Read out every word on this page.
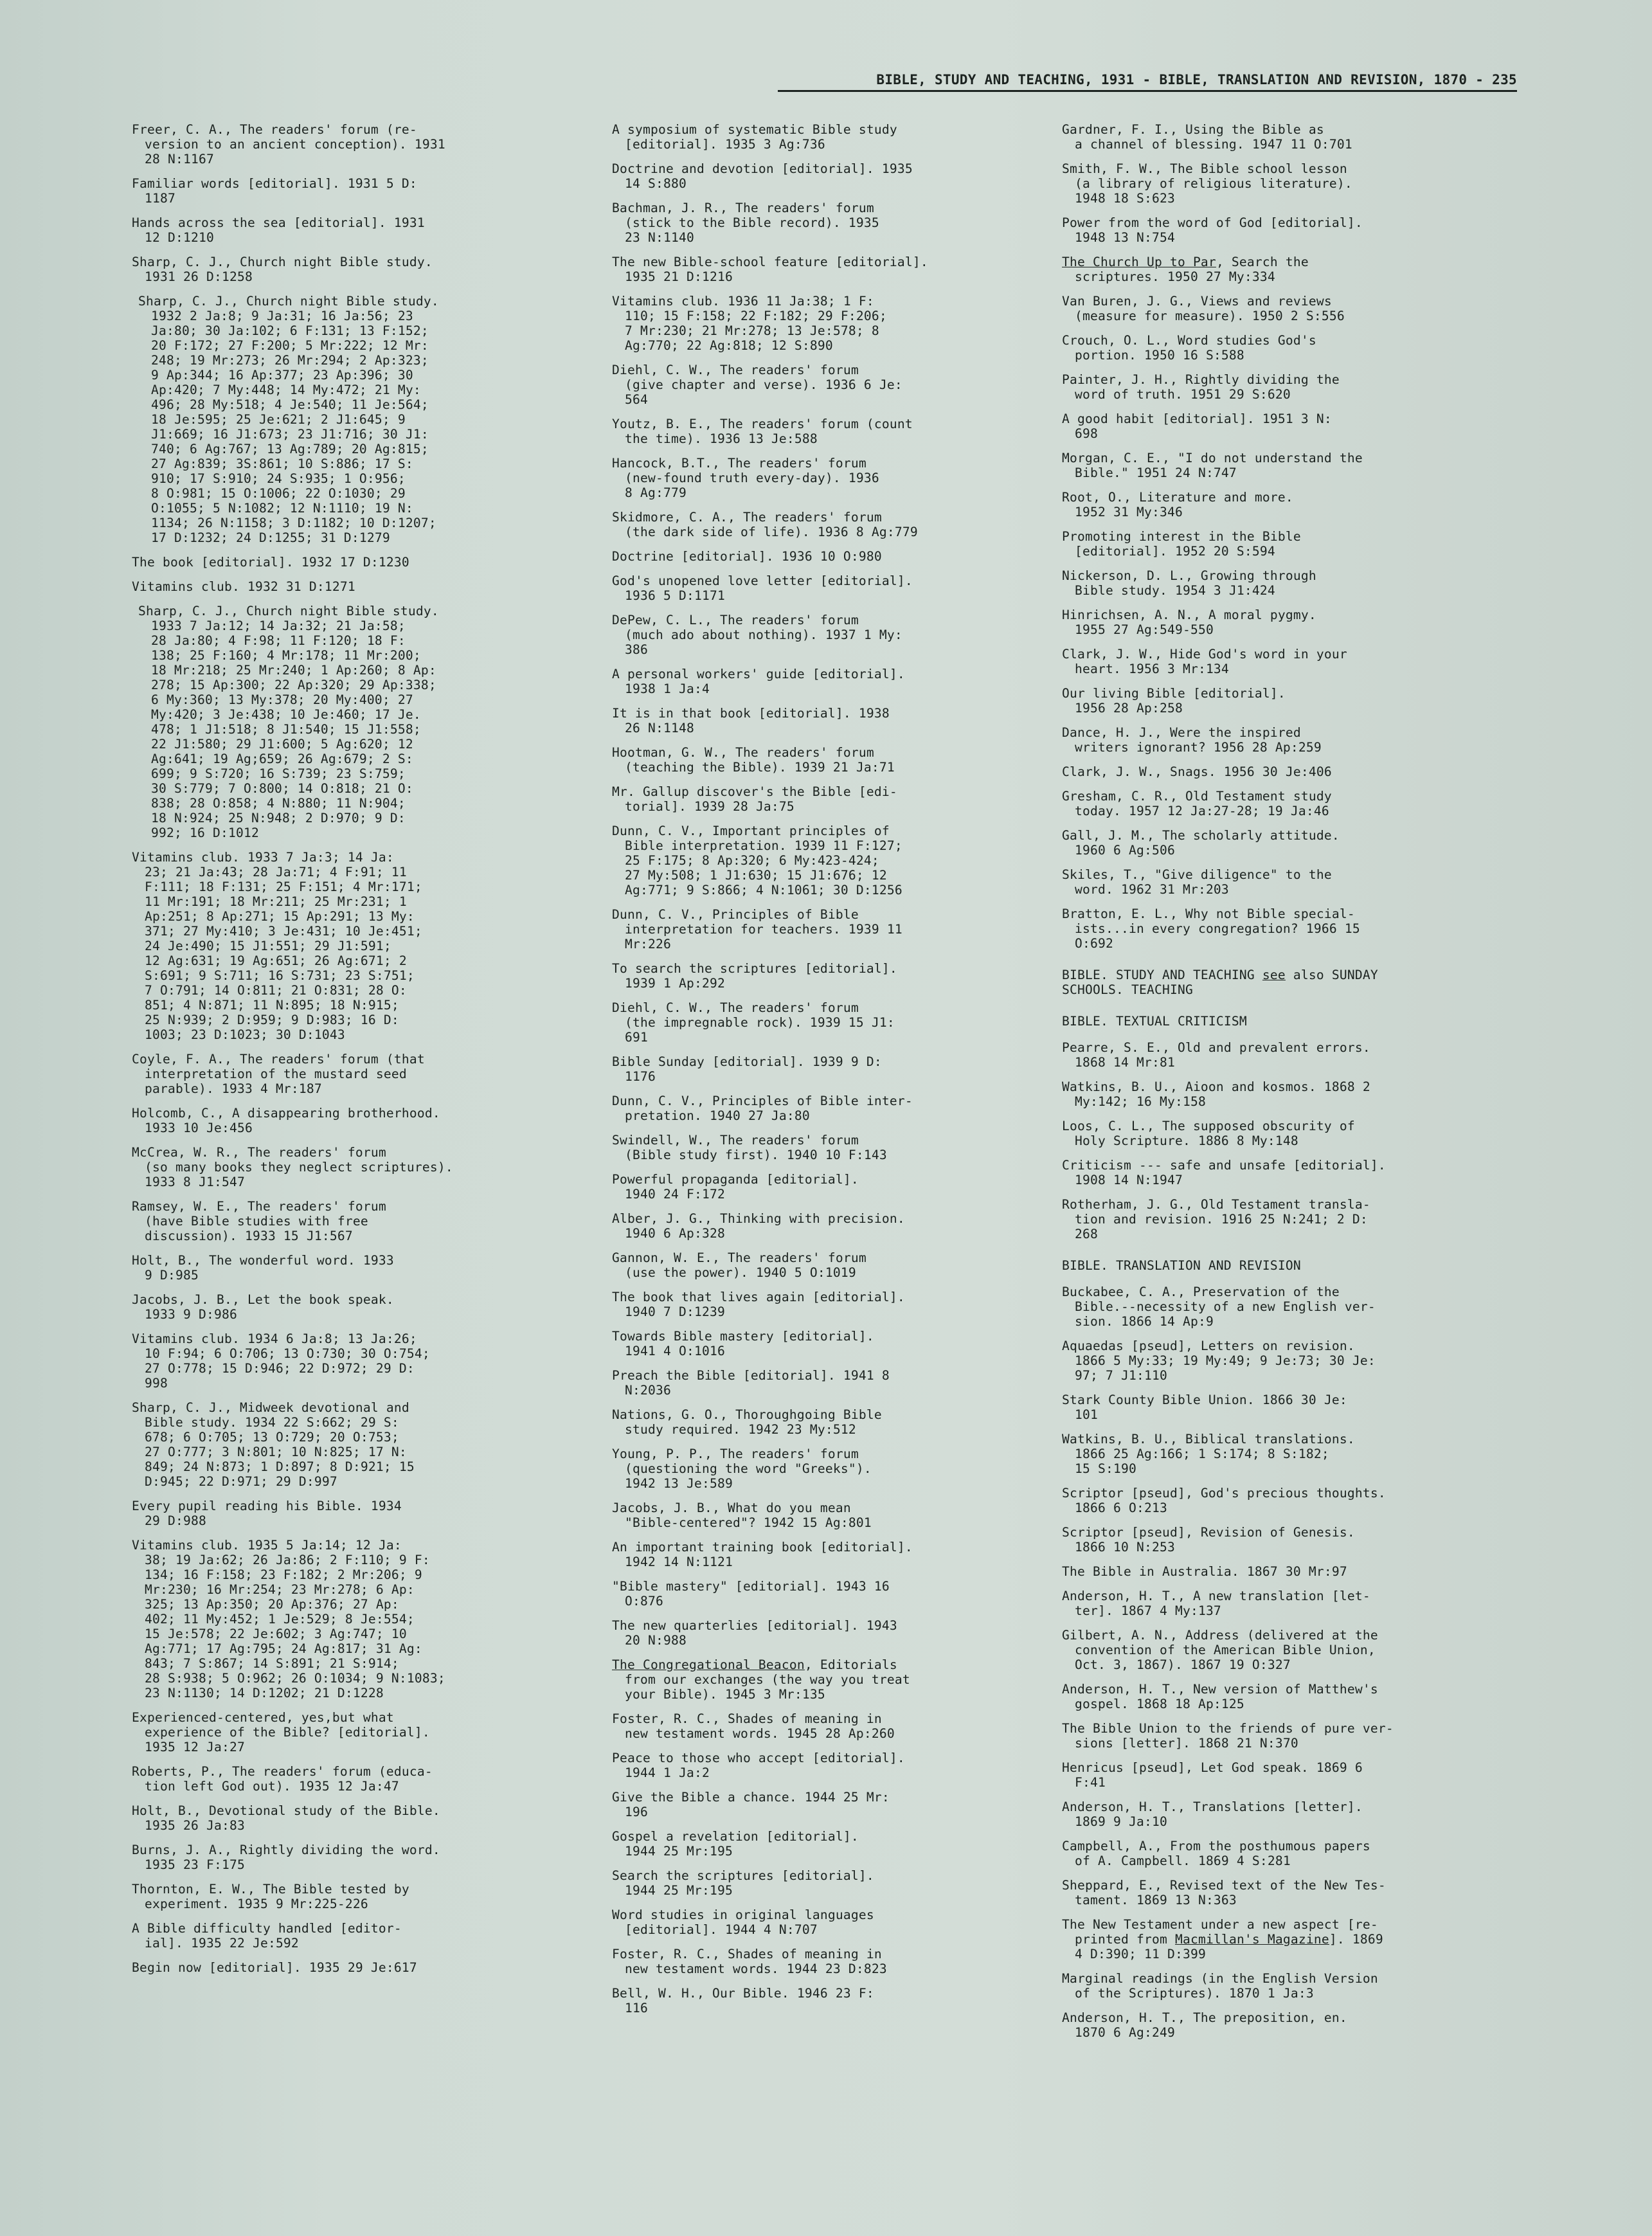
BIBLE, STUDY AND TEACHING, 1931 - BIBLE, TRANSLATION AND REVISION, 1870 - 235
Freer, C. A., The readers' forum (re-
version to an ancient conception). 1931
28 N:1167
Familiar words [editorial]. 1931 5 D:
1187
Hands across the sea [editorial]. 1931
12 D:1210
Sharp, C. J., Church night Bible study.
1931 26 D:1258
Sharp, C. J., Church night Bible study.
1932 2 Ja:8; 9 Ja:31; 16 Ja:56; 23
Ja:80; 30 Ja:102; 6 F:131; 13 F:152;
20 F:172; 27 F:200; 5 Mr:222; 12 Mr:
248; 19 Mr:273; 26 Mr:294; 2 Ap:323;
9 Ap:344; 16 Ap:377; 23 Ap:396; 30
Ap:420; 7 My:448; 14 My:472; 21 My:
496; 28 My:518; 4 Je:540; 11 Je:564;
18 Je:595; 25 Je:621; 2 J1:645; 9
J1:669; 16 J1:673; 23 J1:716; 30 J1:
740; 6 Ag:767; 13 Ag:789; 20 Ag:815;
27 Ag:839; 3S:861; 10 S:886; 17 S:
910; 17 S:910; 24 S:935; 1 O:956;
8 O:981; 15 O:1006; 22 O:1030; 29
O:1055; 5 N:1082; 12 N:1110; 19 N:
1134; 26 N:1158; 3 D:1182; 10 D:1207;
17 D:1232; 24 D:1255; 31 D:1279
The book [editorial]. 1932 17 D:1230
Vitamins club. 1932 31 D:1271
Sharp, C. J., Church night Bible study.
1933 7 Ja:12; 14 Ja:32; 21 Ja:58;
28 Ja:80; 4 F:98; 11 F:120; 18 F:
138; 25 F:160; 4 Mr:178; 11 Mr:200;
18 Mr:218; 25 Mr:240; 1 Ap:260; 8 Ap:
278; 15 Ap:300; 22 Ap:320; 29 Ap:338;
6 My:360; 13 My:378; 20 My:400; 27
My:420; 3 Je:438; 10 Je:460; 17 Je.
478; 1 J1:518; 8 J1:540; 15 J1:558;
22 J1:580; 29 J1:600; 5 Ag:620; 12
Ag:641; 19 Ag;659; 26 Ag:679; 2 S:
699; 9 S:720; 16 S:739; 23 S:759;
30 S:779; 7 O:800; 14 O:818; 21 O:
838; 28 O:858; 4 N:880; 11 N:904;
18 N:924; 25 N:948; 2 D:970; 9 D:
992; 16 D:1012
Vitamins club. 1933 7 Ja:3; 14 Ja:
23; 21 Ja:43; 28 Ja:71; 4 F:91; 11
F:111; 18 F:131; 25 F:151; 4 Mr:171;
11 Mr:191; 18 Mr:211; 25 Mr:231; 1
Ap:251; 8 Ap:271; 15 Ap:291; 13 My:
371; 27 My:410; 3 Je:431; 10 Je:451;
24 Je:490; 15 J1:551; 29 J1:591;
12 Ag:631; 19 Ag:651; 26 Ag:671; 2
S:691; 9 S:711; 16 S:731; 23 S:751;
7 O:791; 14 O:811; 21 O:831; 28 O:
851; 4 N:871; 11 N:895; 18 N:915;
25 N:939; 2 D:959; 9 D:983; 16 D:
1003; 23 D:1023; 30 D:1043
Coyle, F. A., The readers' forum (that
interpretation of the mustard seed
parable). 1933 4 Mr:187
Holcomb, C., A disappearing brotherhood.
1933 10 Je:456
McCrea, W. R., The readers' forum
(so many books they neglect scriptures).
1933 8 J1:547
Ramsey, W. E., The readers' forum
(have Bible studies with free
discussion). 1933 15 J1:567
Holt, B., The wonderful word. 1933
9 D:985
Jacobs, J. B., Let the book speak.
1933 9 D:986
Vitamins club. 1934 6 Ja:8; 13 Ja:26;
10 F:94; 6 O:706; 13 O:730; 30 O:754;
27 O:778; 15 D:946; 22 D:972; 29 D:
998
Sharp, C. J., Midweek devotional and
Bible study. 1934 22 S:662; 29 S:
678; 6 O:705; 13 O:729; 20 O:753;
27 O:777; 3 N:801; 10 N:825; 17 N:
849; 24 N:873; 1 D:897; 8 D:921; 15
D:945; 22 D:971; 29 D:997
Every pupil reading his Bible. 1934
29 D:988
Vitamins club. 1935 5 Ja:14; 12 Ja:
38; 19 Ja:62; 26 Ja:86; 2 F:110; 9 F:
134; 16 F:158; 23 F:182; 2 Mr:206; 9
Mr:230; 16 Mr:254; 23 Mr:278; 6 Ap:
325; 13 Ap:350; 20 Ap:376; 27 Ap:
402; 11 My:452; 1 Je:529; 8 Je:554;
15 Je:578; 22 Je:602; 3 Ag:747; 10
Ag:771; 17 Ag:795; 24 Ag:817; 31 Ag:
843; 7 S:867; 14 S:891; 21 S:914;
28 S:938; 5 O:962; 26 O:1034; 9 N:1083;
23 N:1130; 14 D:1202; 21 D:1228
Experienced-centered, yes,but what
experience of the Bible? [editorial].
1935 12 Ja:27
Roberts, P., The readers' forum (educa-
tion left God out). 1935 12 Ja:47
Holt, B., Devotional study of the Bible.
1935 26 Ja:83
Burns, J. A., Rightly dividing the word.
1935 23 F:175
Thornton, E. W., The Bible tested by
experiment. 1935 9 Mr:225-226
A Bible difficulty handled [editor-
ial]. 1935 22 Je:592
Begin now [editorial]. 1935 29 Je:617
A symposium of systematic Bible study
[editorial]. 1935 3 Ag:736
Doctrine and devotion [editorial]. 1935
14 S:880
Bachman, J. R., The readers' forum
(stick to the Bible record). 1935
23 N:1140
The new Bible-school feature [editorial].
1935 21 D:1216
Vitamins club. 1936 11 Ja:38; 1 F:
110; 15 F:158; 22 F:182; 29 F:206;
7 Mr:230; 21 Mr:278; 13 Je:578; 8
Ag:770; 22 Ag:818; 12 S:890
Diehl, C. W., The readers' forum
(give chapter and verse). 1936 6 Je:
564
Youtz, B. E., The readers' forum (count
the time). 1936 13 Je:588
Hancock, B.T., The readers' forum
(new-found truth every-day). 1936
8 Ag:779
Skidmore, C. A., The readers' forum
(the dark side of life). 1936 8 Ag:779
Doctrine [editorial]. 1936 10 O:980
God's unopened love letter [editorial].
1936 5 D:1171
DePew, C. L., The readers' forum
(much ado about nothing). 1937 1 My:
386
A personal workers' guide [editorial].
1938 1 Ja:4
It is in that book [editorial]. 1938
26 N:1148
Hootman, G. W., The readers' forum
(teaching the Bible). 1939 21 Ja:71
Mr. Gallup discover's the Bible [edi-
torial]. 1939 28 Ja:75
Dunn, C. V., Important principles of
Bible interpretation. 1939 11 F:127;
25 F:175; 8 Ap:320; 6 My:423-424;
27 My:508; 1 J1:630; 15 J1:676; 12
Ag:771; 9 S:866; 4 N:1061; 30 D:1256
Dunn, C. V., Principles of Bible
interpretation for teachers. 1939 11
Mr:226
To search the scriptures [editorial].
1939 1 Ap:292
Diehl, C. W., The readers' forum
(the impregnable rock). 1939 15 J1:
691
Bible Sunday [editorial]. 1939 9 D:
1176
Dunn, C. V., Principles of Bible inter-
pretation. 1940 27 Ja:80
Swindell, W., The readers' forum
(Bible study first). 1940 10 F:143
Powerful propaganda [editorial].
1940 24 F:172
Alber, J. G., Thinking with precision.
1940 6 Ap:328
Gannon, W. E., The readers' forum
(use the power). 1940 5 O:1019
The book that lives again [editorial].
1940 7 D:1239
Towards Bible mastery [editorial].
1941 4 O:1016
Preach the Bible [editorial]. 1941 8
N:2036
Nations, G. O., Thoroughgoing Bible
study required. 1942 23 My:512
Young, P. P., The readers' forum
(questioning the word "Greeks").
1942 13 Je:589
Jacobs, J. B., What do you mean
"Bible-centered"? 1942 15 Ag:801
An important training book [editorial].
1942 14 N:1121
"Bible mastery" [editorial]. 1943 16
O:876
The new quarterlies [editorial]. 1943
20 N:988
The Congregational Beacon, Editorials
from our exchanges (the way you treat
your Bible). 1945 3 Mr:135
Foster, R. C., Shades of meaning in
new testament words. 1945 28 Ap:260
Peace to those who accept [editorial].
1944 1 Ja:2
Give the Bible a chance. 1944 25 Mr:
196
Gospel a revelation [editorial].
1944 25 Mr:195
Search the scriptures [editorial].
1944 25 Mr:195
Word studies in original languages
[editorial]. 1944 4 N:707
Foster, R. C., Shades of meaning in
new testament words. 1944 23 D:823
Bell, W. H., Our Bible. 1946 23 F:
116
Gardner, F. I., Using the Bible as
a channel of blessing. 1947 11 O:701
Smith, F. W., The Bible school lesson
(a library of religious literature).
1948 18 S:623
Power from the word of God [editorial].
1948 13 N:754
The Church Up to Par, Search the
scriptures. 1950 27 My:334
Van Buren, J. G., Views and reviews
(measure for measure). 1950 2 S:556
Crouch, O. L., Word studies God's
portion. 1950 16 S:588
Painter, J. H., Rightly dividing the
word of truth. 1951 29 S:620
A good habit [editorial]. 1951 3 N:
698
Morgan, C. E., "I do not understand the
Bible." 1951 24 N:747
Root, O., Literature and more.
1952 31 My:346
Promoting interest in the Bible
[editorial]. 1952 20 S:594
Nickerson, D. L., Growing through
Bible study. 1954 3 J1:424
Hinrichsen, A. N., A moral pygmy.
1955 27 Ag:549-550
Clark, J. W., Hide God's word in your
heart. 1956 3 Mr:134
Our living Bible [editorial].
1956 28 Ap:258
Dance, H. J., Were the inspired
writers ignorant? 1956 28 Ap:259
Clark, J. W., Snags. 1956 30 Je:406
Gresham, C. R., Old Testament study
today. 1957 12 Ja:27-28; 19 Ja:46
Gall, J. M., The scholarly attitude.
1960 6 Ag:506
Skiles, T., "Give diligence" to the
word. 1962 31 Mr:203
Bratton, E. L., Why not Bible special-
ists...in every congregation? 1966 15
O:692
BIBLE. STUDY AND TEACHING see also SUNDAY
SCHOOLS. TEACHING
BIBLE. TEXTUAL CRITICISM
Pearre, S. E., Old and prevalent errors.
1868 14 Mr:81
Watkins, B. U., Aioon and kosmos. 1868 2
My:142; 16 My:158
Loos, C. L., The supposed obscurity of
Holy Scripture. 1886 8 My:148
Criticism --- safe and unsafe [editorial].
1908 14 N:1947
Rotherham, J. G., Old Testament transla-
tion and revision. 1916 25 N:241; 2 D:
268
BIBLE. TRANSLATION AND REVISION
Buckabee, C. A., Preservation of the
Bible.--necessity of a new English ver-
sion. 1866 14 Ap:9
Aquaedas [pseud], Letters on revision.
1866 5 My:33; 19 My:49; 9 Je:73; 30 Je:
97; 7 J1:110
Stark County Bible Union. 1866 30 Je:
101
Watkins, B. U., Biblical translations.
1866 25 Ag:166; 1 S:174; 8 S:182;
15 S:190
Scriptor [pseud], God's precious thoughts.
1866 6 O:213
Scriptor [pseud], Revision of Genesis.
1866 10 N:253
The Bible in Australia. 1867 30 Mr:97
Anderson, H. T., A new translation [let-
ter]. 1867 4 My:137
Gilbert, A. N., Address (delivered at the
convention of the American Bible Union,
Oct. 3, 1867). 1867 19 O:327
Anderson, H. T., New version of Matthew's
gospel. 1868 18 Ap:125
The Bible Union to the friends of pure ver-
sions [letter]. 1868 21 N:370
Henricus [pseud], Let God speak. 1869 6
F:41
Anderson, H. T., Translations [letter].
1869 9 Ja:10
Campbell, A., From the posthumous papers
of A. Campbell. 1869 4 S:281
Sheppard, E., Revised text of the New Tes-
tament. 1869 13 N:363
The New Testament under a new aspect [re-
printed from Macmillan's Magazine]. 1869
4 D:390; 11 D:399
Marginal readings (in the English Version
of the Scriptures). 1870 1 Ja:3
Anderson, H. T., The preposition, en.
1870 6 Ag:249
